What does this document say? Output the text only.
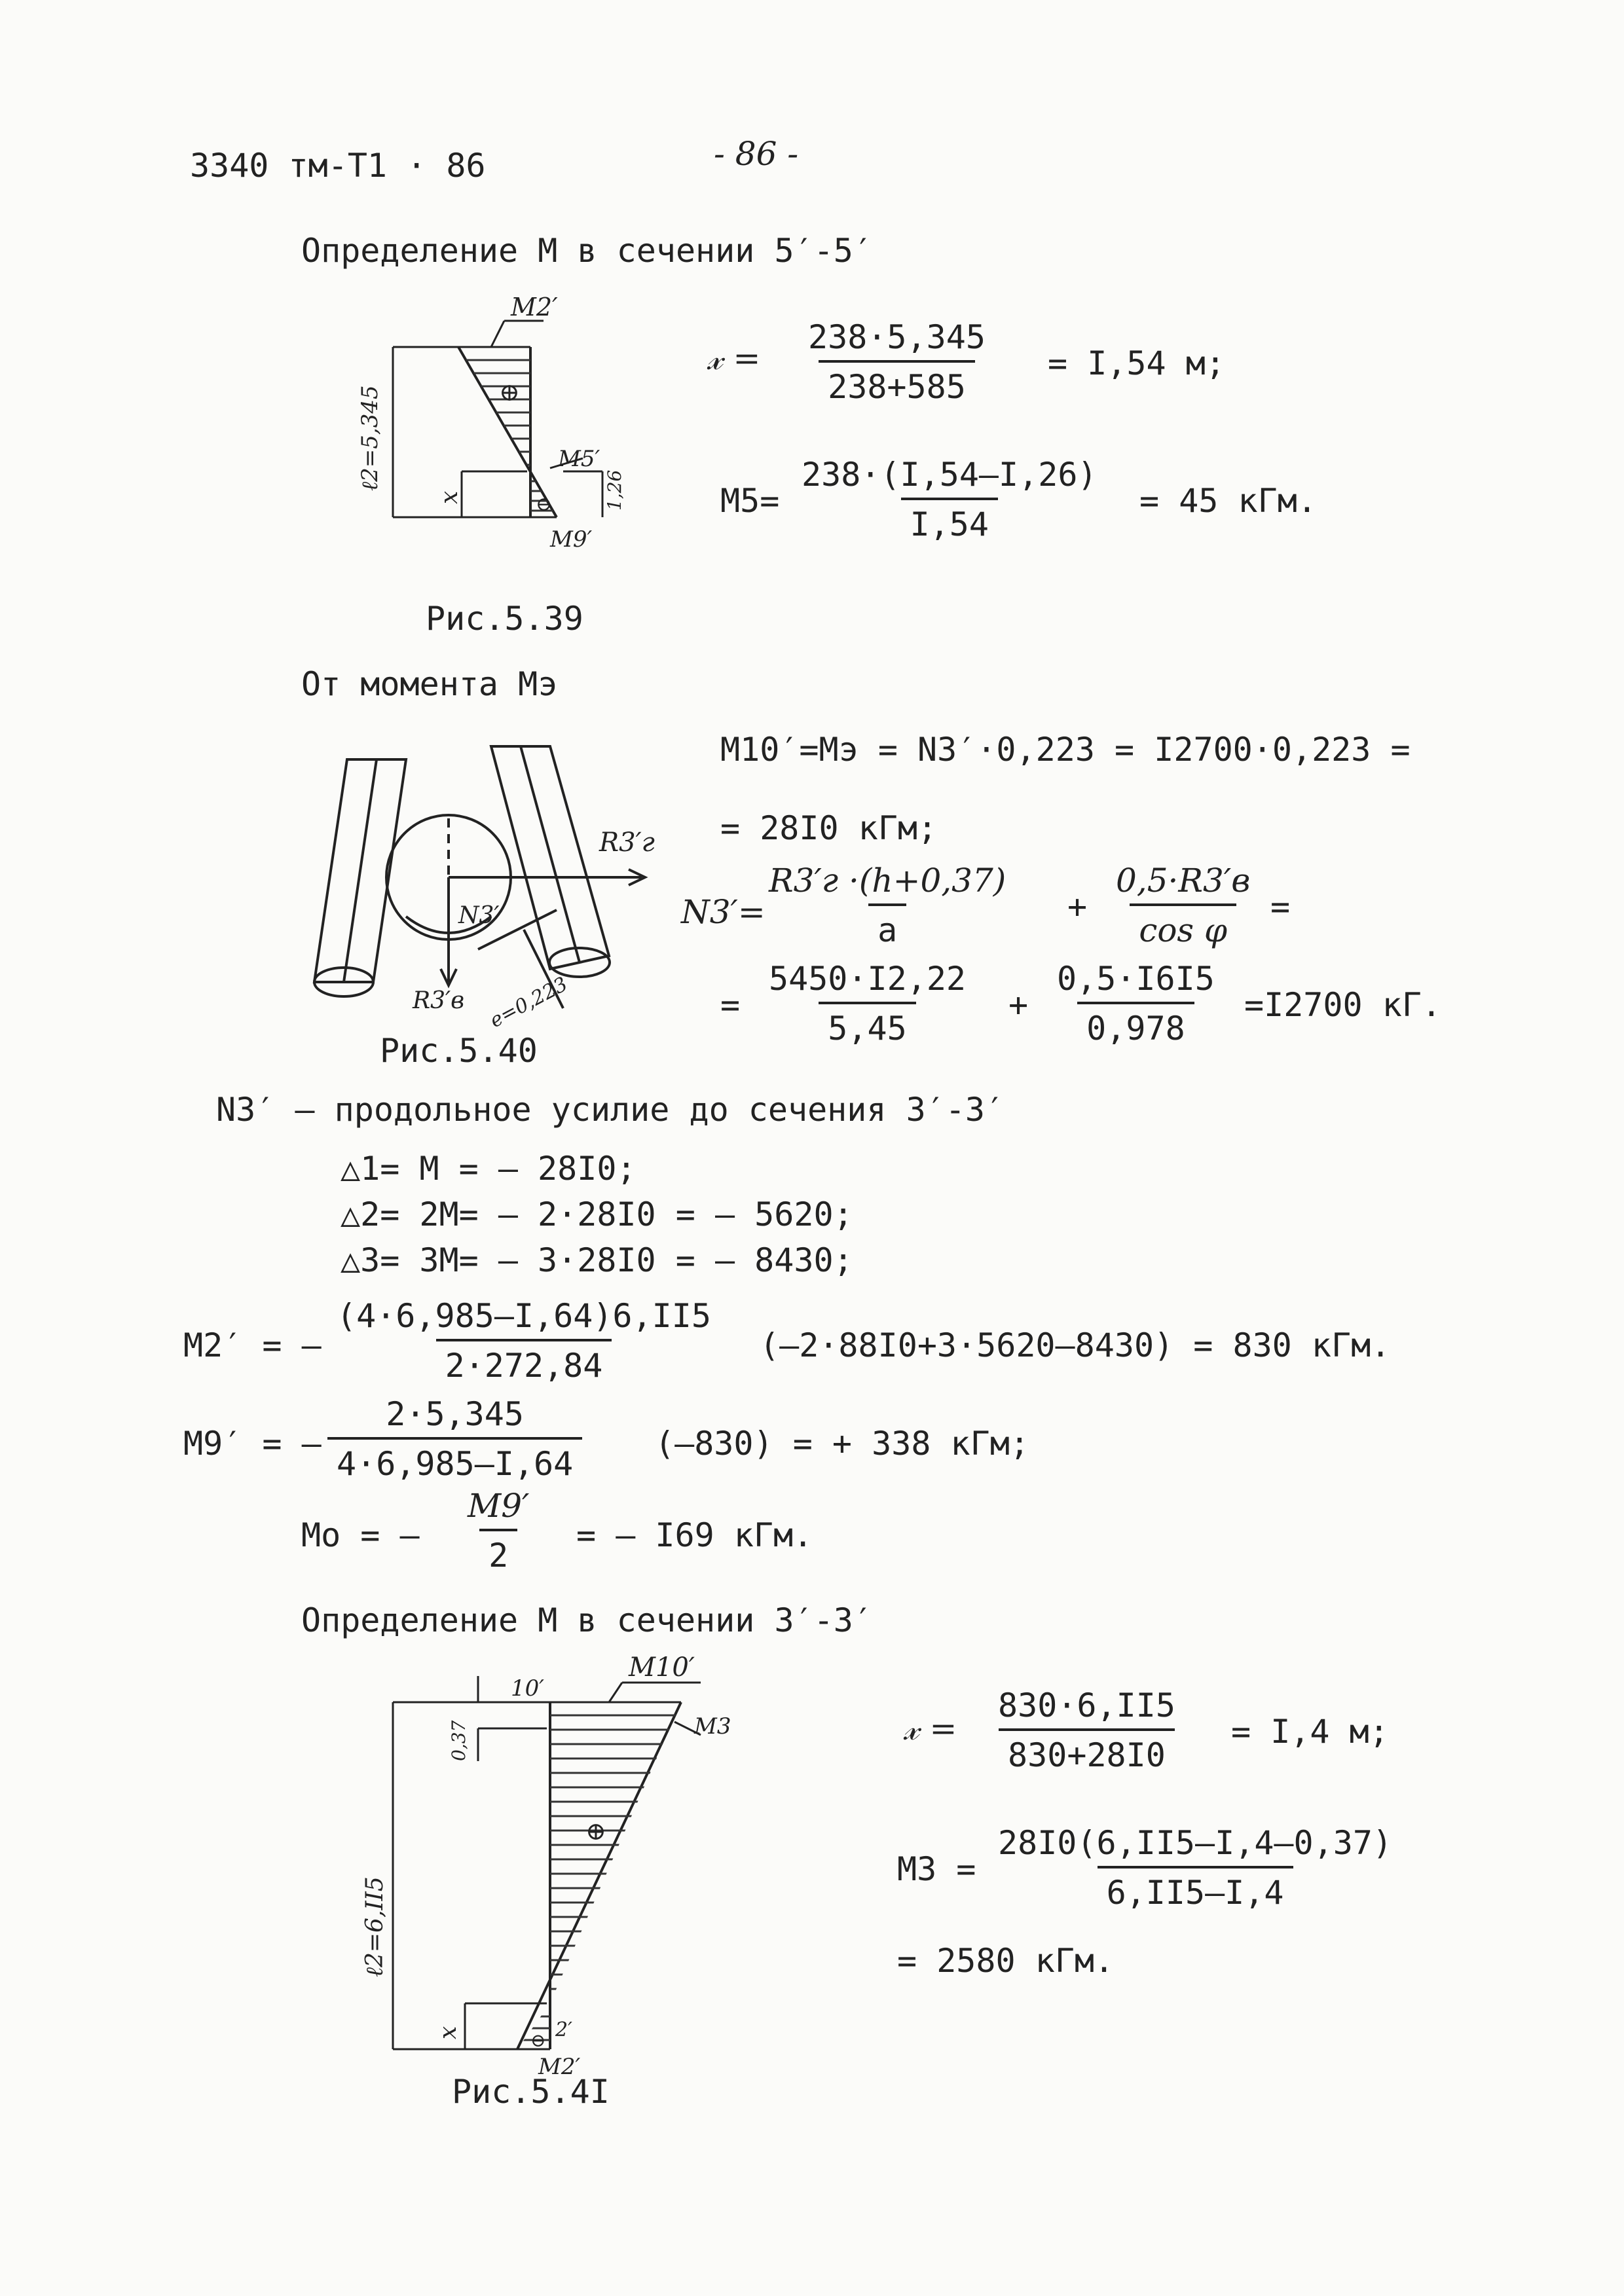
3340 тм-Т1 · 86	- 86 -
Определение М в сечении 5′-5′
M2′
M5′
M9′
⊕
⊖
ℓ2=5,345
x	1,26
Рис.5.39
𝓍 = $\frac{238\cdot 5,345}{238+585} = I,54$ м;
$M5= \frac{238\cdot(I,54-I,26)}{I,54} = 45$ кГм.
От момента Мэ
R3′г
N3′
R3′в e=0,223
Рис.5.40
M10′=Мэ = N3′·0,223 = I2700·0,223 =
= 28I0 кГм;
N3′=
R3′г ·(h+0,37)
a
+
0,5·R3′в
cos φ
=
= $\frac{5450\cdot I2,22}{5,45} + \frac{0,5\cdot I6I5}{0,978} =I2700$ кГ.
N3′ – продольное усилие до сечения 3′-3′
△1= M = – 28I0;
△2= 2M= – 2·28I0 = – 5620;
△3= 3M= – 3·28I0 = – 8430;
M2′ = – $\frac{(4\cdot 6,985-I,64)6,II5}{2\cdot 272,84} (-2\cdot 88I0+3\cdot 5620-8430) = 830$ кГм.
M9′ = – $\frac{2\cdot 5,345}{4\cdot 6,985-I,64} (-830)$ = + 338 кГм;
Mo = – $\frac{M9'}{2}$ = – I69 кГм.
Определение М в сечении 3′-3′
M10′
10′
M3
⊕
⊖ 2′
M2′
0,37
ℓ2=6,II5
x
Рис.5.4I
𝓍 = $\frac{830\cdot 6,II5}{830+28I0} = I,4$ м;
$M3 = \frac{28I0(6,II5-I,4-0,37)}{6,II5-I,4}$
= 2580 кГм.
